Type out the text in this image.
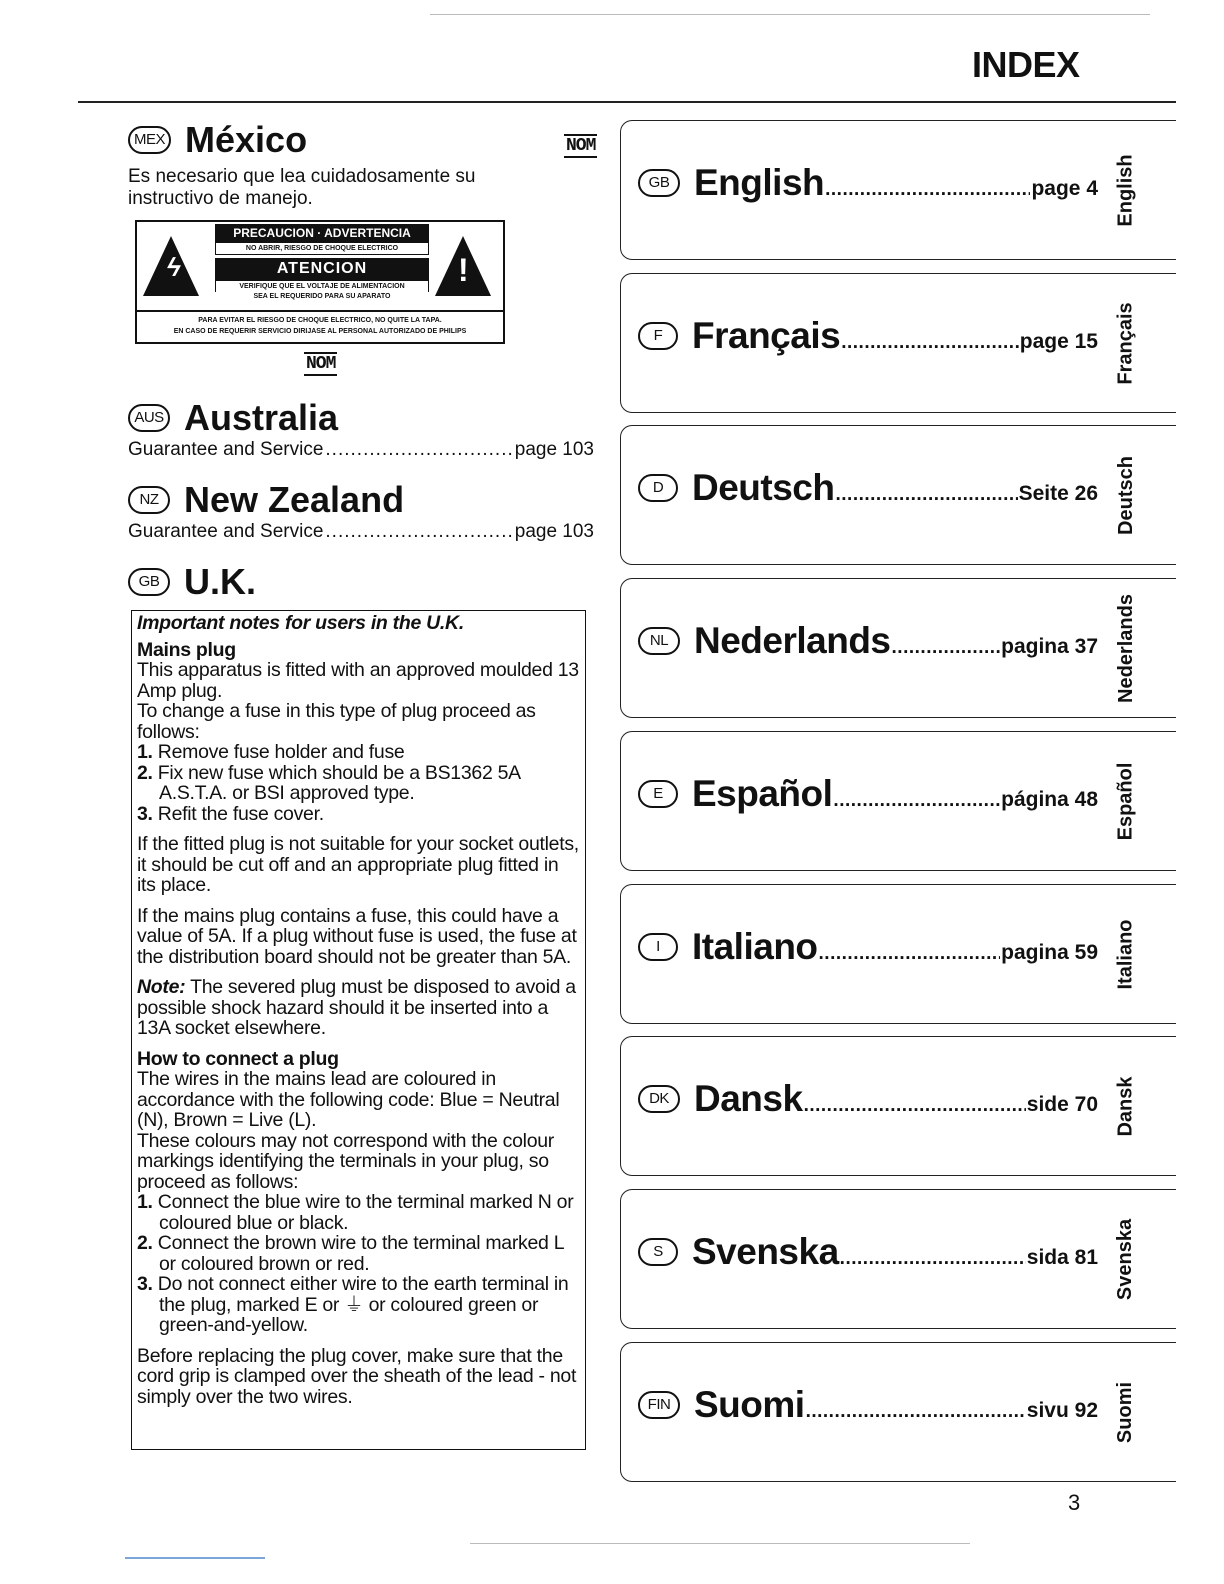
INDEX
MEX México	NOM
Es necesario que lea cuidadosamente su instructivo de manejo.
ϟ	!
PRECAUCION · ADVERTENCIA
NO ABRIR, RIESGO DE CHOQUE ELECTRICO
ATENCION
VERIFIQUE QUE EL VOLTAJE DE ALIMENTACION
SEA EL REQUERIDO PARA SU APARATO
PARA EVITAR EL RIESGO DE CHOQUE ELECTRICO, NO QUITE LA TAPA.
EN CASO DE REQUERIR SERVICIO DIRIJASE AL PERSONAL AUTORIZADO DE PHILIPS
NOM
AUS Australia
Guarantee and Service .....	page 103
NZ New Zealand
Guarantee and Service .....	page 103
GB U.K.

Important notes for users in the U.K.

Mains plug

This apparatus is fitted with an approved moulded 13 Amp plug.

To change a fuse in this type of plug proceed as follows:

1. Remove fuse holder and fuse

2. Fix new fuse which should be a BS1362 5A A.S.T.A. or BSI approved type.

3. Refit the fuse cover.

If the fitted plug is not suitable for your socket outlets, it should be cut off and an appropriate plug fitted in its place.

If the mains plug contains a fuse, this could have a value of 5A. If a plug without fuse is used, the fuse at the distribution board should not be greater than 5A.

Note: The severed plug must be disposed to avoid a possible shock hazard should it be inserted into a 13A socket elsewhere.

How to connect a plug

The wires in the mains lead are coloured in accordance with the following code: Blue = Neutral (N), Brown = Live (L).

These colours may not correspond with the colour markings identifying the terminals in your plug, so proceed as follows:

1. Connect the blue wire to the terminal marked N or coloured blue or black.

2. Connect the brown wire to the terminal marked L or coloured brown or red.

3. Do not connect either wire to the earth terminal in the plug, marked E or ⏚ or coloured green or green-and-yellow.

Before replacing the plug cover, make sure that the cord grip is clamped over the sheath of the lead - not simply over the two wires.

GB English .....	page 4 English
F Français .....	page 15 Français
D Deutsch .....	Seite 26 Deutsch
NL Nederlands .....	pagina 37 Nederlands
E Español .....	página 48 Español
I Italiano .....	pagina 59 Italiano
DK Dansk .....	side 70 Dansk
S Svenska .....	sida 81 Svenska
FIN Suomi .....	sivu 92 Suomi
3
